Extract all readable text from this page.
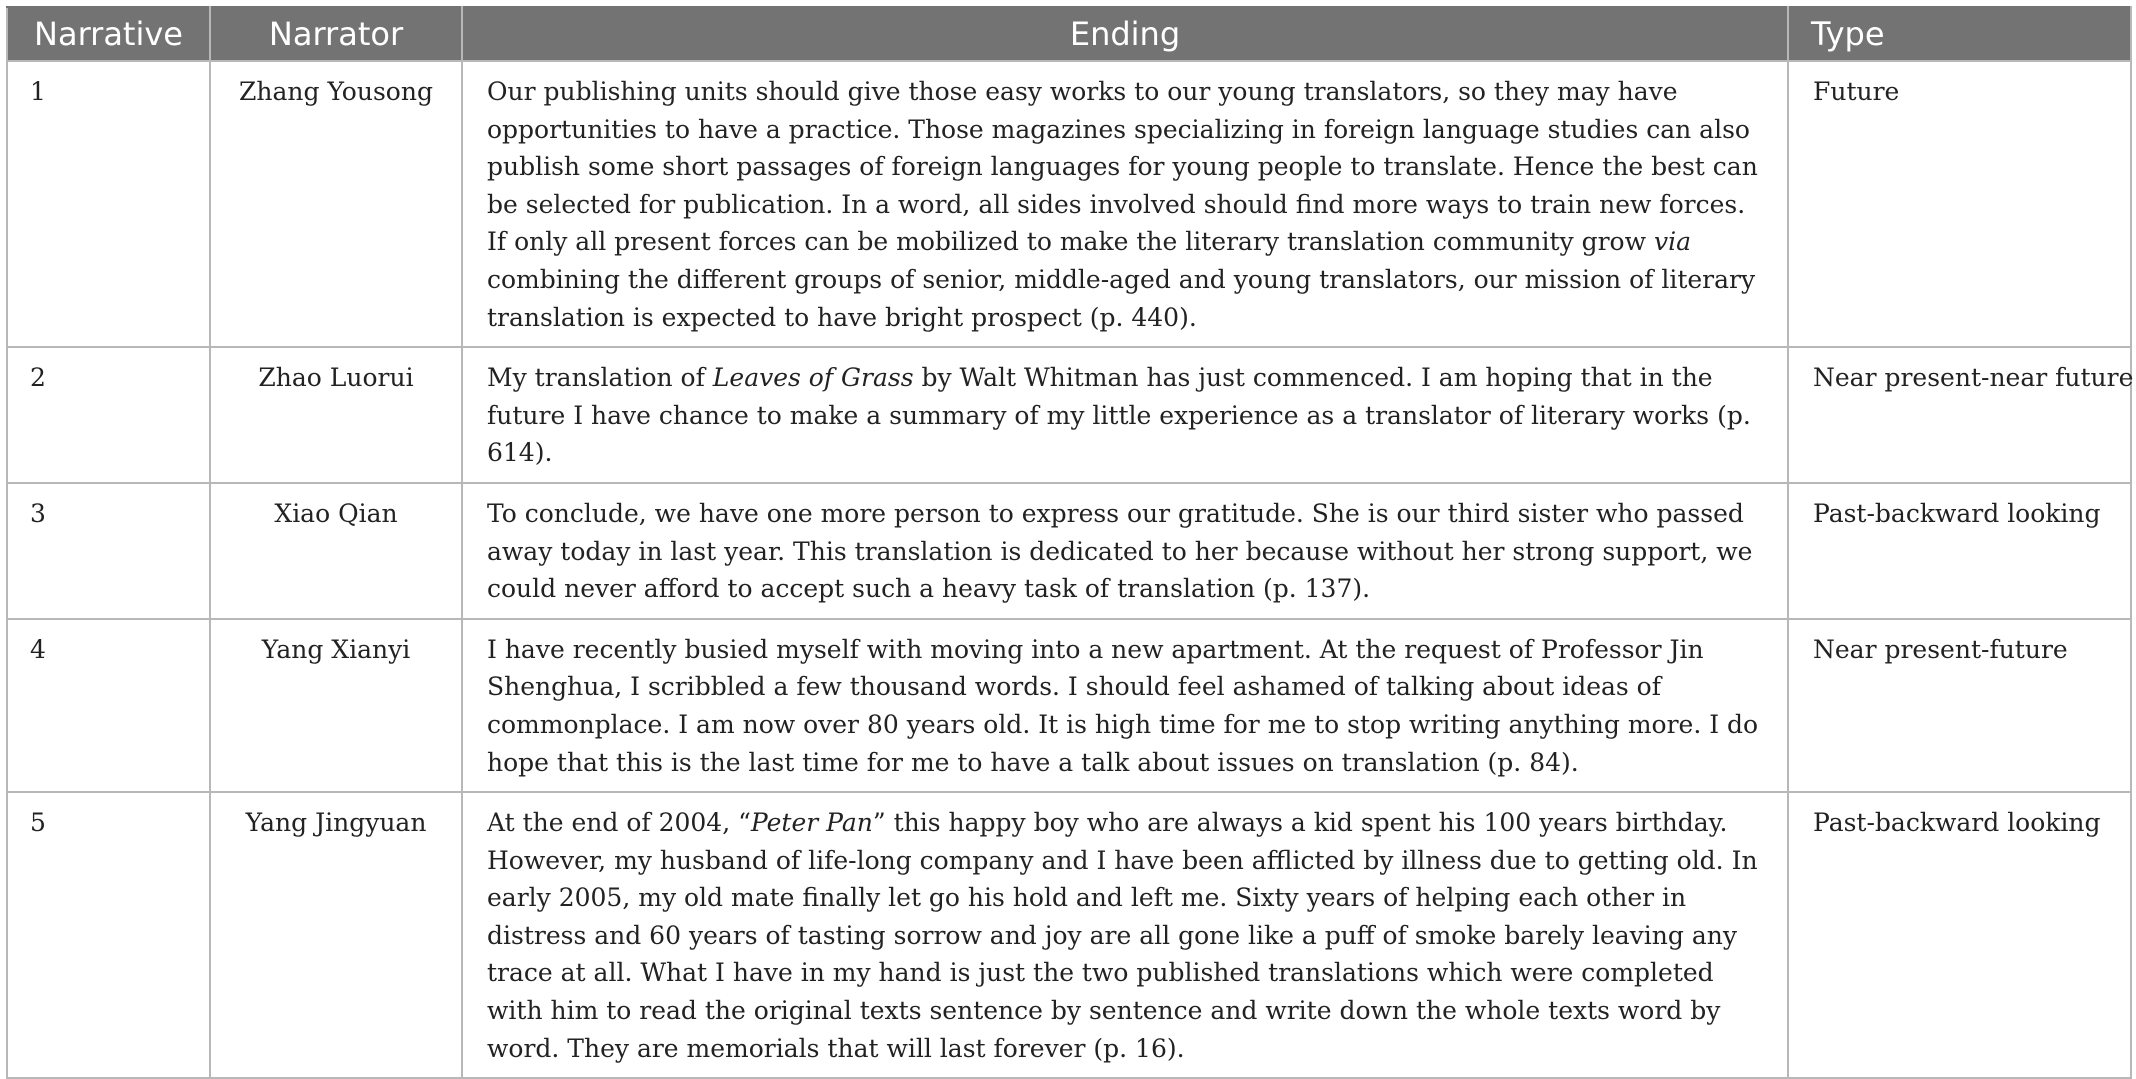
Narrative	Narrator	Ending	Type
1	Zhang Yousong	Our publishing units should give those easy works to our young translators, so they may have opportunities to have a practice. Those magazines specializing in foreign language studies can also publish some short passages of foreign languages for young people to translate. Hence the best can be selected for publication. In a word, all sides involved should find more ways to train new forces. If only all present forces can be mobilized to make the literary translation community grow via combining the different groups of senior, middle-aged and young translators, our mission of literary translation is expected to have bright prospect (p. 440).	Future
2	Zhao Luorui	My translation of Leaves of Grass by Walt Whitman has just commenced. I am hoping that in the future I have chance to make a summary of my little experience as a translator of literary works (p. 614).	Near present-near future
3	Xiao Qian	To conclude, we have one more person to express our gratitude. She is our third sister who passed away today in last year. This translation is dedicated to her because without her strong support, we could never afford to accept such a heavy task of translation (p. 137).	Past-backward looking
4	Yang Xianyi	I have recently busied myself with moving into a new apartment. At the request of Professor Jin Shenghua, I scribbled a few thousand words. I should feel ashamed of talking about ideas of commonplace. I am now over 80 years old. It is high time for me to stop writing anything more. I do hope that this is the last time for me to have a talk about issues on translation (p. 84).	Near present-future
5	Yang Jingyuan	At the end of 2004, “Peter Pan” this happy boy who are always a kid spent his 100 years birthday. However, my husband of life-long company and I have been afflicted by illness due to getting old. In early 2005, my old mate finally let go his hold and left me. Sixty years of helping each other in distress and 60 years of tasting sorrow and joy are all gone like a puff of smoke barely leaving any trace at all. What I have in my hand is just the two published translations which were completed with him to read the original texts sentence by sentence and write down the whole texts word by word. They are memorials that will last forever (p. 16).	Past-backward looking
